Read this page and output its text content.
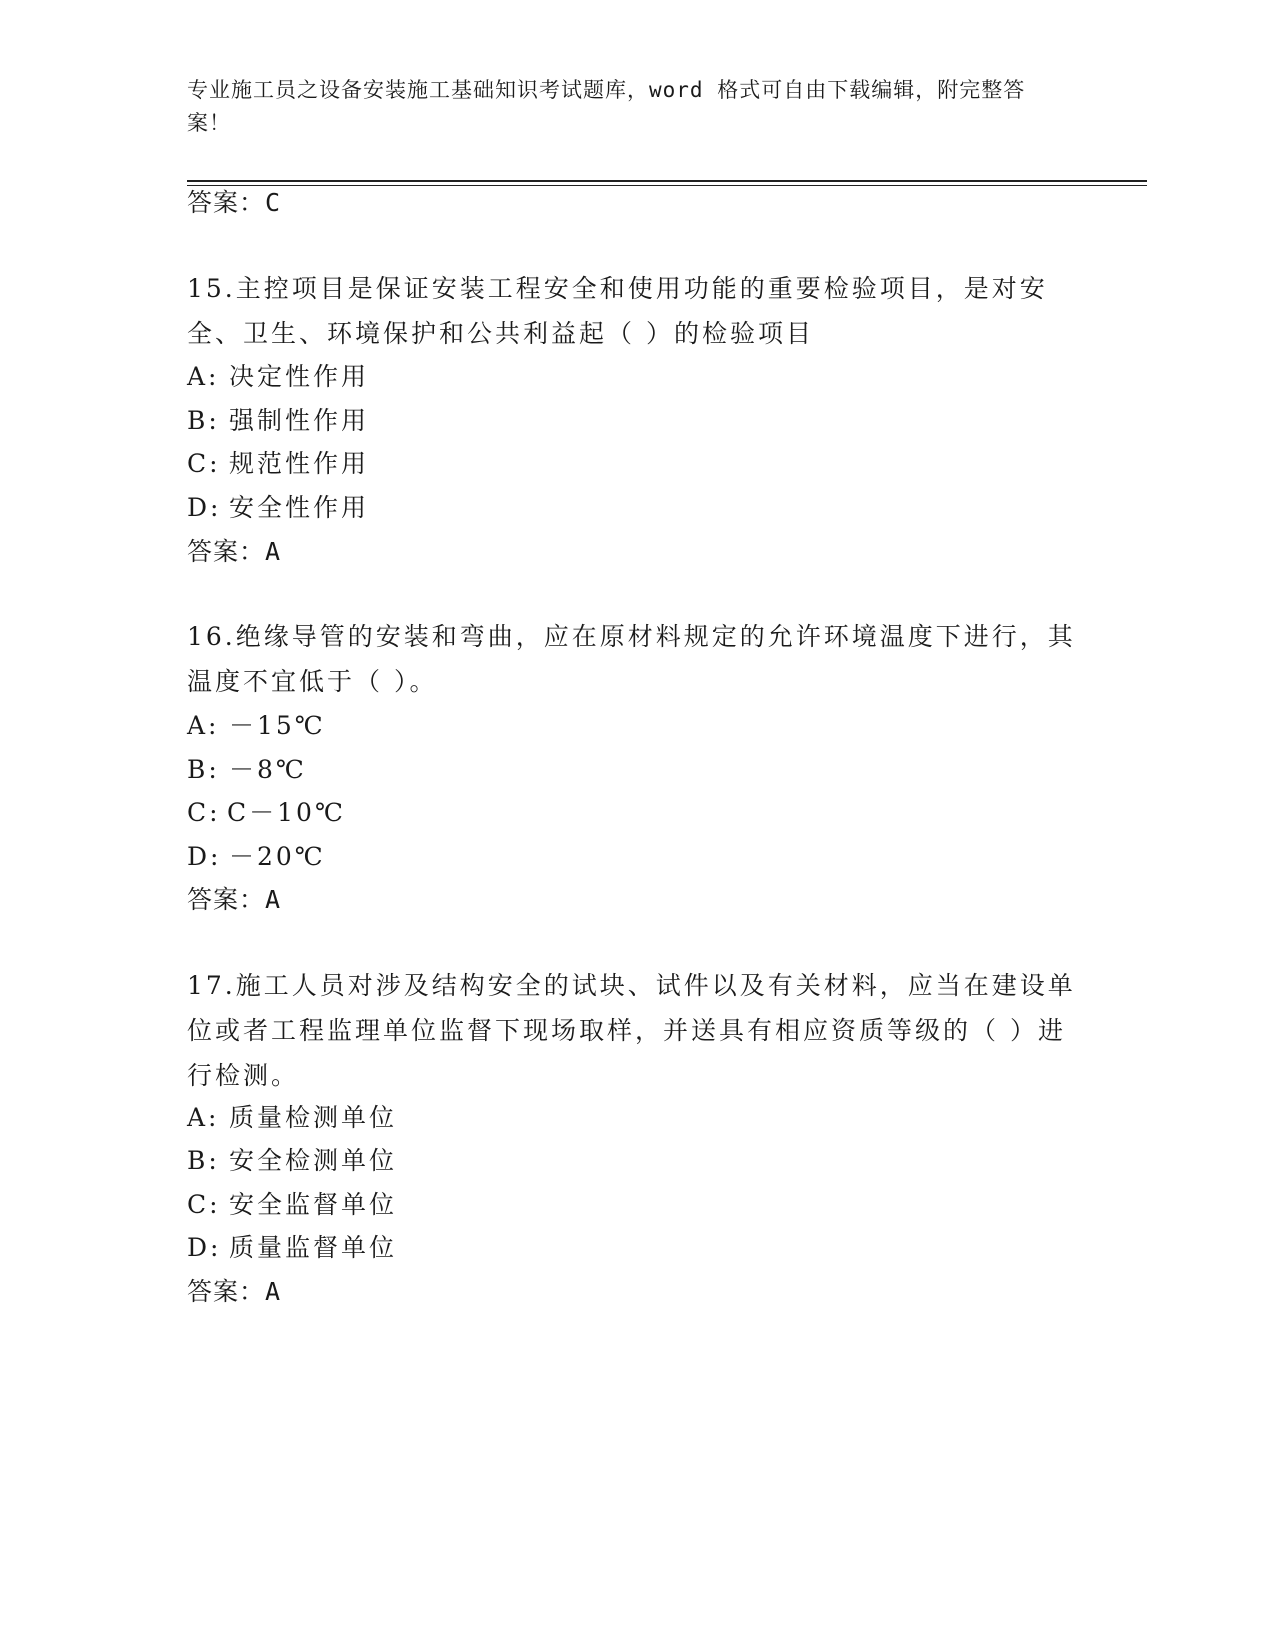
专业施工员之设备安装施工基础知识考试题库，word 格式可自由下载编辑，附完整答案！
答案：C
15.主控项目是保证安装工程安全和使用功能的重要检验项目，是对安全、卫生、环境保护和公共利益起（ ）的检验项目
A: 决定性作用
B: 强制性作用
C: 规范性作用
D: 安全性作用
答案：A
16.绝缘导管的安装和弯曲，应在原材料规定的允许环境温度下进行，其温度不宜低于（ ）。
A: －15℃
B: －8℃
C: C－10℃
D: －20℃
答案：A
17.施工人员对涉及结构安全的试块、试件以及有关材料，应当在建设单位或者工程监理单位监督下现场取样，并送具有相应资质等级的（ ）进行检测。
A: 质量检测单位
B: 安全检测单位
C: 安全监督单位
D: 质量监督单位
答案：A
